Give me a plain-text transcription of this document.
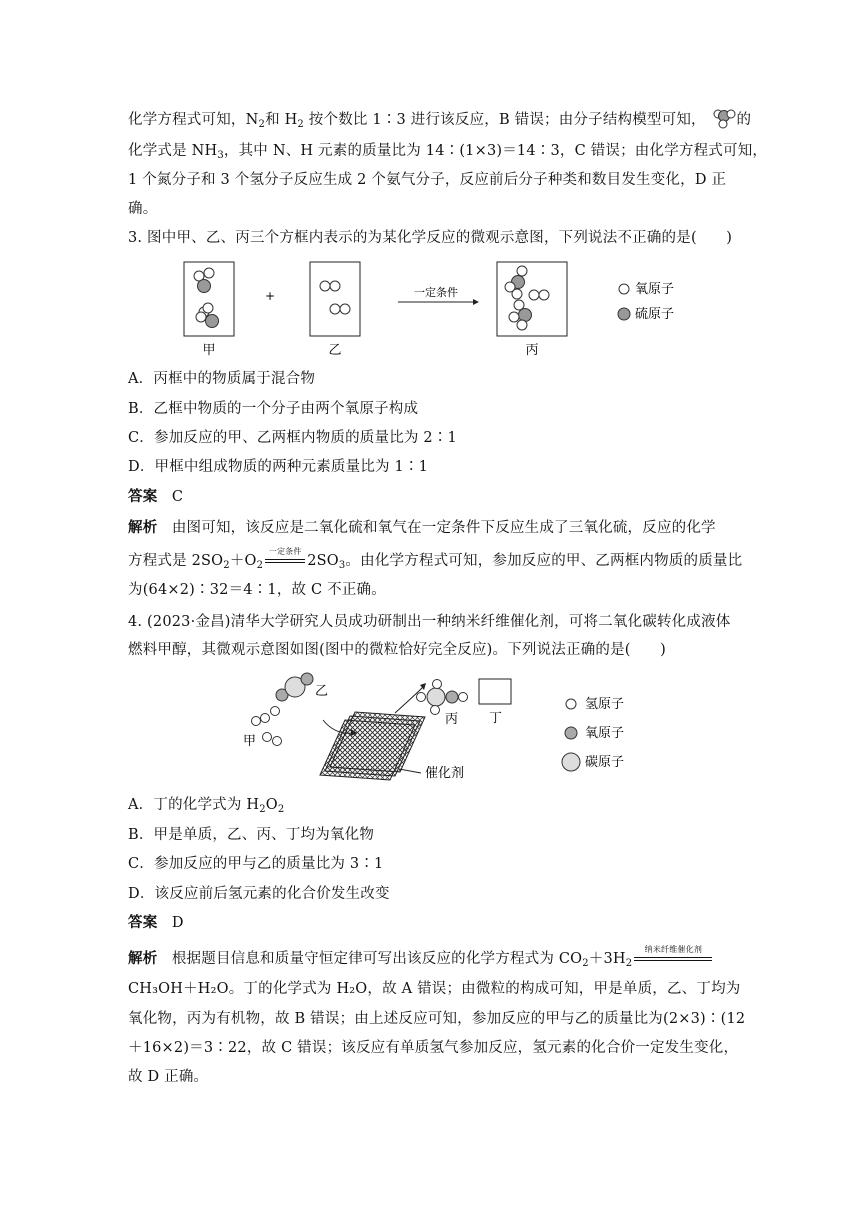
化学方程式可知，$N_2$和 $H_2$ 按个数比 1∶3 进行该反应，B 错误；由分子结构模型可知， 的
化学式是 $NH_3$，其中 N、H 元素的质量比为 14∶(1×3)＝14∶3，C 错误；由化学方程式可知，
1 个氮分子和 3 个氢分子反应生成 2 个氨气分子，反应前后分子种类和数目发生变化，D 正
确。
3. 图中甲、乙、丙三个方框内表示的为某化学反应的微观示意图，下列说法不正确的是(　　)
+	一定条件	氧原子
硫原子
甲	乙	丙
A．丙框中的物质属于混合物
B．乙框中物质的一个分子由两个氧原子构成
C．参加反应的甲、乙两框内物质的质量比为 2∶1
D．甲框中组成物质的两种元素质量比为 1∶1
答案 C
解析 由图可知，该反应是二氧化硫和氧气在一定条件下反应生成了三氧化硫，反应的化学
方程式是 $2SO_2+O_2$
一定条件
$2SO_3$。由化学方程式可知，参加反应的甲、乙两框内物质的质量比
为(64×2)∶32＝4∶1，故 C 不正确。
4. (2023·金昌)清华大学研究人员成功研制出一种纳米纤维催化剂，可将二氧化碳转化成液体
燃料甲醇，其微观示意图如图(图中的微粒恰好完全反应)。下列说法正确的是(　　)
乙
甲
丙 丁
催化剂
氢原子
氧原子
碳原子
A．丁的化学式为 $H_2O_2$
B．甲是单质，乙、丙、丁均为氧化物
C．参加反应的甲与乙的质量比为 3∶1
D．该反应前后氢元素的化合价发生改变
答案 D
解析 根据题目信息和质量守恒定律可写出该反应的化学方程式为 $CO_2+3H_2$
纳米纤维催化剂
CH₃OH＋H₂O。丁的化学式为 H₂O，故 A 错误；由微粒的构成可知，甲是单质，乙、丁均为
氧化物，丙为有机物，故 B 错误；由上述反应可知，参加反应的甲与乙的质量比为(2×3)∶(12
＋16×2)＝3∶22，故 C 错误；该反应有单质氢气参加反应，氢元素的化合价一定发生变化，
故 D 正确。
